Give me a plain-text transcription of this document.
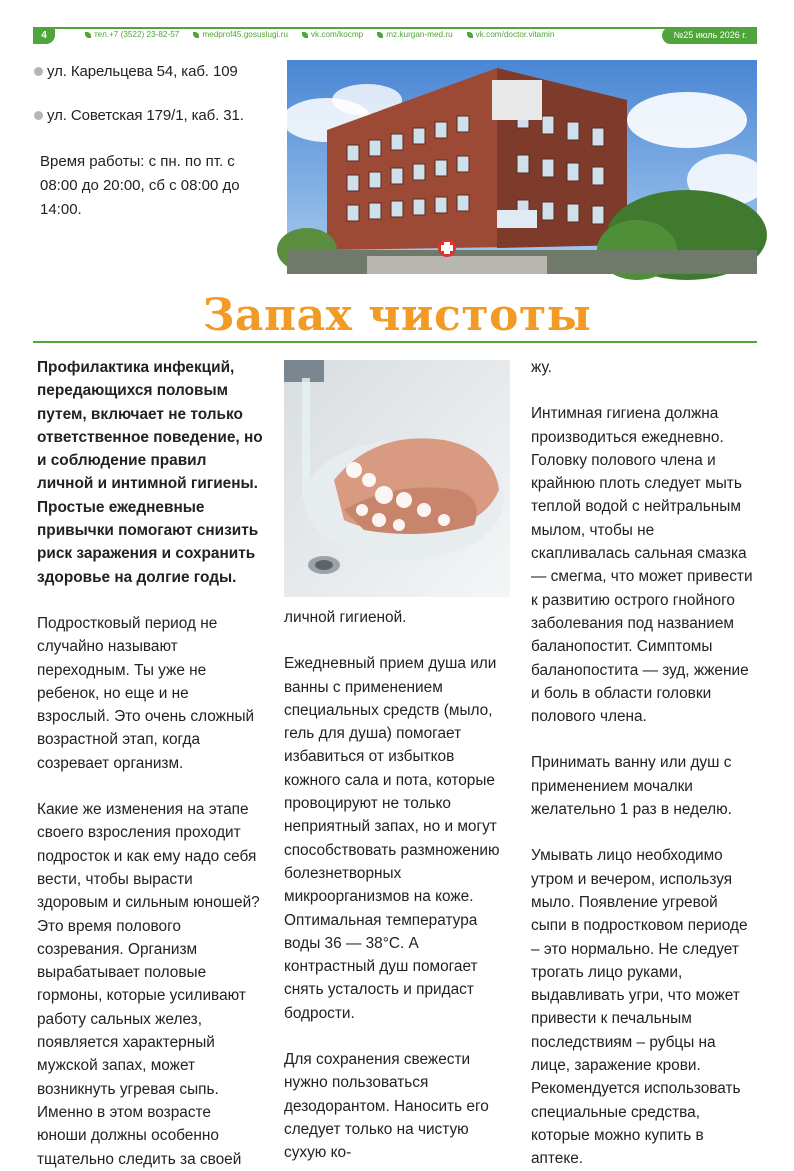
4	тел.+7 (3522) 23-82-57	medprof45.gosuslugi.ru	vk.com/kocmp	mz.kurgan-med.ru	vk.com/doctor.vitamin	№25 июль 2026 г.
ул. Карельцева 54, каб. 109
ул. Советская 179/1, каб. 31.
Время работы: с пн. по пт. с 08:00 до 20:00, сб с 08:00 до 14:00.
Запах чистоты

Профилактика инфекций, передающихся половым путем, включает не только ответственное поведение, но и соблюдение правил личной и интимной гигиены. Простые ежедневные привычки помогают снизить риск заражения и сохранить здоровье на долгие годы.

Подростковый период не случайно называют переходным. Ты уже не ребенок, но еще и не взрослый. Это очень сложный возрастной этап, когда созревает организм.

Какие же изменения на этапе своего взросления проходит подросток и как ему надо себя вести, чтобы вырасти здоровым и сильным юношей?

Это время полового созревания. Организм вырабатывает половые гормоны, которые усиливают работу сальных желез, появляется характерный мужской запах, может возникнуть угревая сыпь. Именно в этом возрасте юноши должны особенно тщательно следить за своей

личной гигиеной.

Ежедневный прием душа или ванны с применением специальных средств (мыло, гель для душа) помогает избавиться от избытков кожного сала и пота, которые провоцируют не только неприятный запах, но и могут способствовать размножению болезнетворных микроорганизмов на коже. Оптимальная температура воды 36 — 38°С. А контрастный душ помогает снять усталость и придаст бодрости.

Для сохранения свежести нужно пользоваться дезодорантом. Наносить его следует только на чистую сухую ко-

жу.

Интимная гигиена должна производиться ежедневно. Головку полового члена и крайнюю плоть следует мыть теплой водой с нейтральным мылом, чтобы не скапливалась сальная смазка — смегма, что может привести к развитию острого гнойного заболевания под названием баланопостит. Симптомы баланопостита — зуд, жжение и боль в области головки полового члена.

Принимать ванну или душ с применением мочалки желательно 1 раз в неделю.

Умывать лицо необходимо утром и вечером, используя мыло. Появление угревой сыпи в подростковом периоде – это нормально. Не следует трогать лицо руками, выдавливать угри, что может привести к печальным последствиям – рубцы на лице, заражение крови. Рекомендуется использовать специальные средства, которые можно купить в аптеке.
